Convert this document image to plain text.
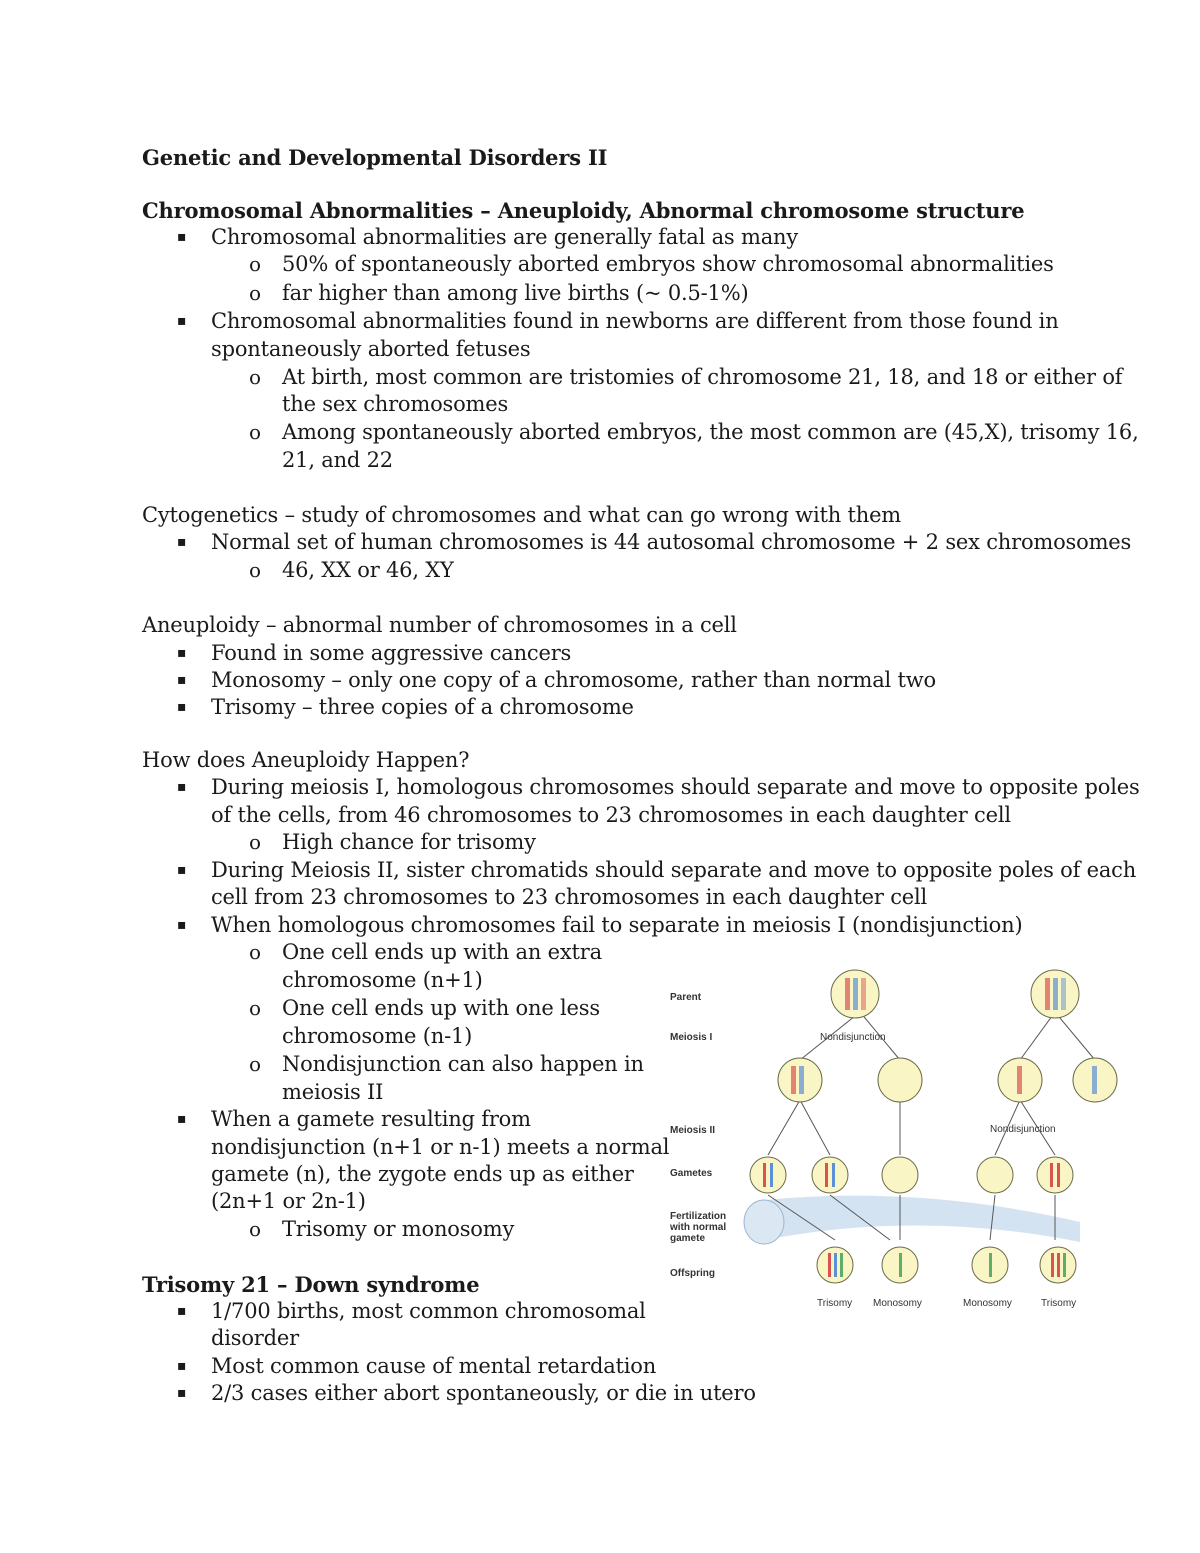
Genetic and Developmental Disorders II
Chromosomal Abnormalities – Aneuploidy, Abnormal chromosome structure
▪ Chromosomal abnormalities are generally fatal as many
o 50% of spontaneously aborted embryos show chromosomal abnormalities
o far higher than among live births (~ 0.5-1%)
▪ Chromosomal abnormalities found in newborns are different from those found in
spontaneously aborted fetuses
o At birth, most common are tristomies of chromosome 21, 18, and 18 or either of
the sex chromosomes
o Among spontaneously aborted embryos, the most common are (45,X), trisomy 16,
21, and 22
Cytogenetics – study of chromosomes and what can go wrong with them
▪ Normal set of human chromosomes is 44 autosomal chromosome + 2 sex chromosomes
o 46, XX or 46, XY
Aneuploidy – abnormal number of chromosomes in a cell
▪ Found in some aggressive cancers
▪ Monosomy – only one copy of a chromosome, rather than normal two
▪ Trisomy – three copies of a chromosome
How does Aneuploidy Happen?
▪ During meiosis I, homologous chromosomes should separate and move to opposite poles
of the cells, from 46 chromosomes to 23 chromosomes in each daughter cell
o High chance for trisomy
▪ During Meiosis II, sister chromatids should separate and move to opposite poles of each
cell from 23 chromosomes to 23 chromosomes in each daughter cell
▪ When homologous chromosomes fail to separate in meiosis I (nondisjunction)
o One cell ends up with an extra
chromosome (n+1)
o One cell ends up with one less
chromosome (n-1)
o Nondisjunction can also happen in
meiosis II
▪ When a gamete resulting from
nondisjunction (n+1 or n-1) meets a normal
gamete (n), the zygote ends up as either
(2n+1 or 2n-1)
o Trisomy or monosomy
Trisomy 21 – Down syndrome
▪ 1/700 births, most common chromosomal
disorder
▪ Most common cause of mental retardation
▪ 2/3 cases either abort spontaneously, or die in utero
Parent
Meiosis I
Meiosis II
Gametes
Fertilization
with normal
gamete
Offspring
Nondisjunction
Nondisjunction
Trisomy Monosomy	Monosomy	Trisomy
